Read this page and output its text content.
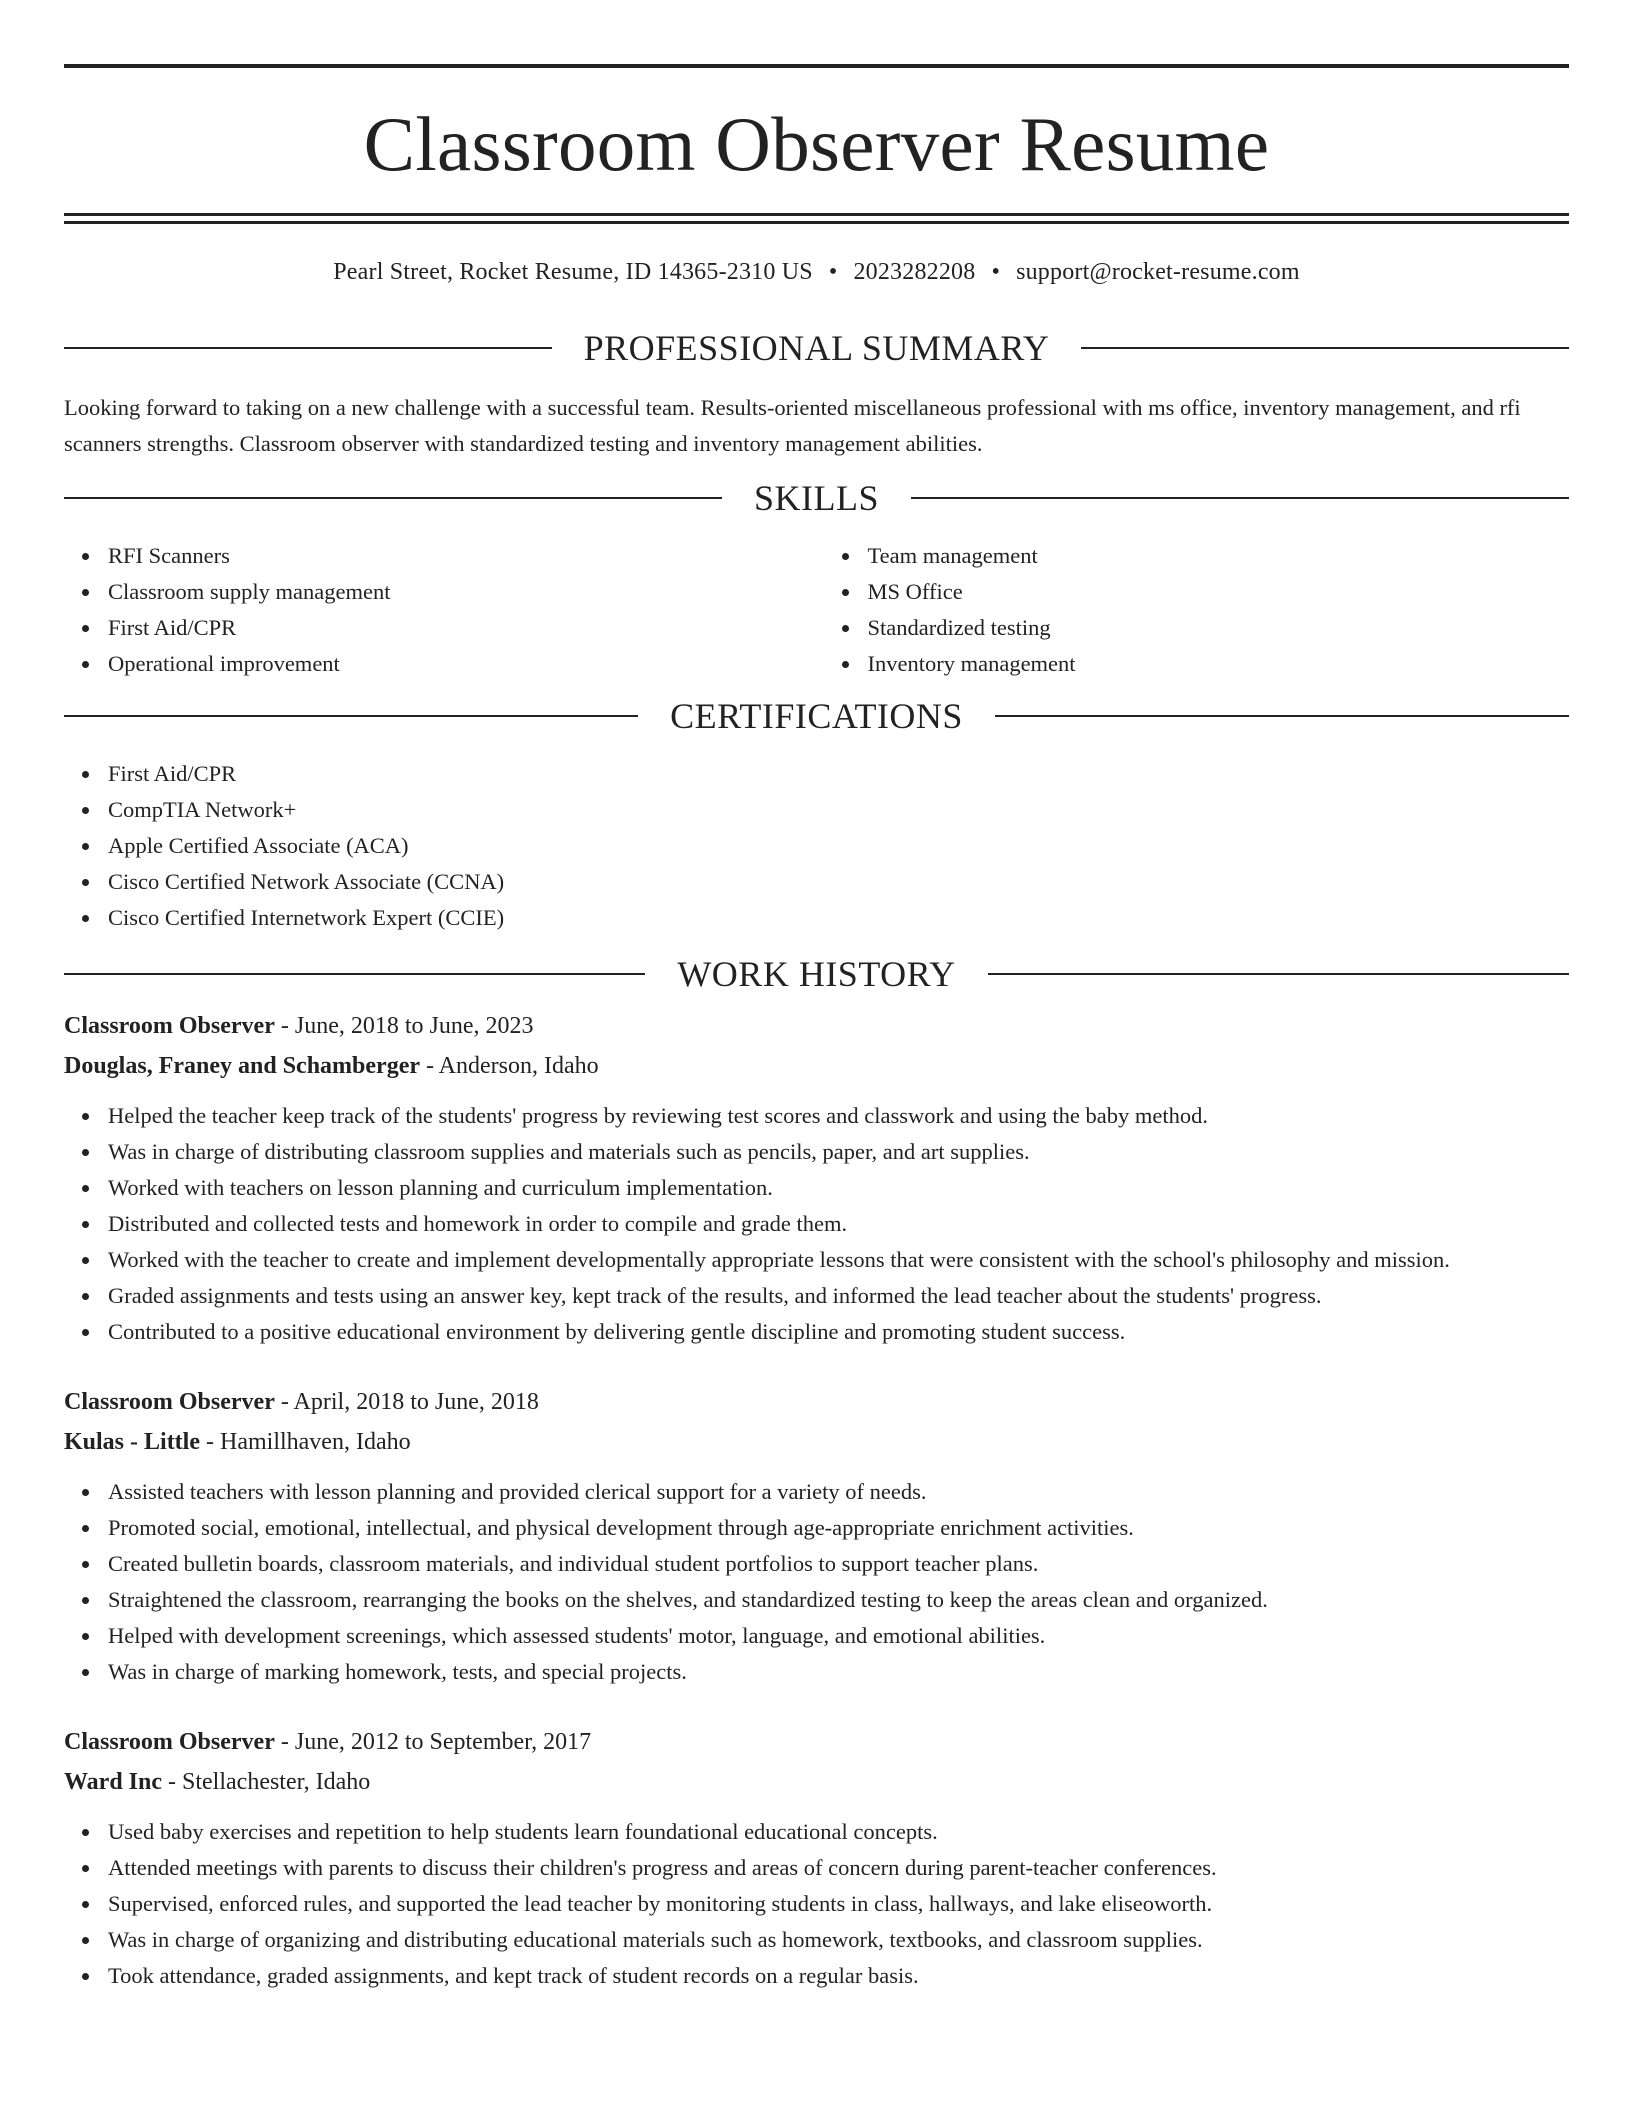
Classroom Observer Resume
Pearl Street, Rocket Resume, ID 14365-2310 US • 2023282208 • support@rocket-resume.com
PROFESSIONAL SUMMARY

Looking forward to taking on a new challenge with a successful team. Results-oriented miscellaneous professional with ms office, inventory management, and rfi scanners strengths. Classroom observer with standardized testing and inventory management abilities.

SKILLS
RFI Scanners
Classroom supply management
First Aid/CPR
Operational improvement
Team management
MS Office
Standardized testing
Inventory management
CERTIFICATIONS
First Aid/CPR
CompTIA Network+
Apple Certified Associate (ACA)
Cisco Certified Network Associate (CCNA)
Cisco Certified Internetwork Expert (CCIE)
WORK HISTORY

Classroom Observer - June, 2018 to June, 2023

Douglas, Franey and Schamberger - Anderson, Idaho

Helped the teacher keep track of the students' progress by reviewing test scores and classwork and using the baby method.
Was in charge of distributing classroom supplies and materials such as pencils, paper, and art supplies.
Worked with teachers on lesson planning and curriculum implementation.
Distributed and collected tests and homework in order to compile and grade them.
Worked with the teacher to create and implement developmentally appropriate lessons that were consistent with the school's philosophy and mission.
Graded assignments and tests using an answer key, kept track of the results, and informed the lead teacher about the students' progress.
Contributed to a positive educational environment by delivering gentle discipline and promoting student success.

Classroom Observer - April, 2018 to June, 2018

Kulas - Little - Hamillhaven, Idaho

Assisted teachers with lesson planning and provided clerical support for a variety of needs.
Promoted social, emotional, intellectual, and physical development through age-appropriate enrichment activities.
Created bulletin boards, classroom materials, and individual student portfolios to support teacher plans.
Straightened the classroom, rearranging the books on the shelves, and standardized testing to keep the areas clean and organized.
Helped with development screenings, which assessed students' motor, language, and emotional abilities.
Was in charge of marking homework, tests, and special projects.

Classroom Observer - June, 2012 to September, 2017

Ward Inc - Stellachester, Idaho

Used baby exercises and repetition to help students learn foundational educational concepts.
Attended meetings with parents to discuss their children's progress and areas of concern during parent-teacher conferences.
Supervised, enforced rules, and supported the lead teacher by monitoring students in class, hallways, and lake eliseoworth.
Was in charge of organizing and distributing educational materials such as homework, textbooks, and classroom supplies.
Took attendance, graded assignments, and kept track of student records on a regular basis.
